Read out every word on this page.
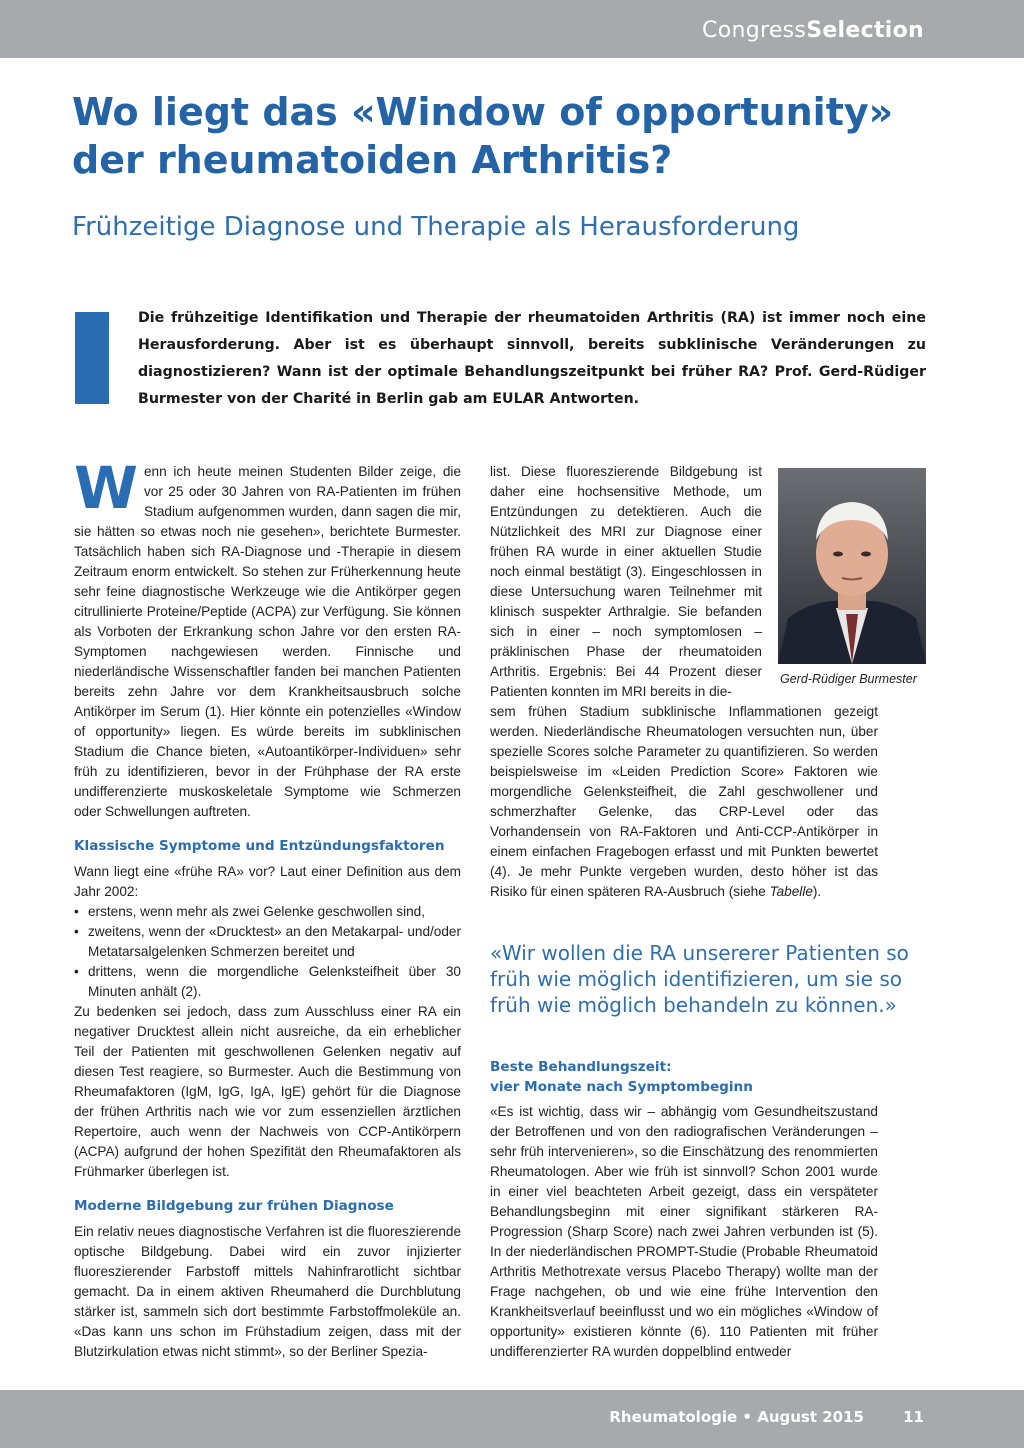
CongressSelection
Wo liegt das «Window of opportunity» der rheumatoiden Arthritis?
Frühzeitige Diagnose und Therapie als Herausforderung
Die frühzeitige Identifikation und Therapie der rheumatoiden Arthritis (RA) ist immer noch eine Herausforderung. Aber ist es überhaupt sinnvoll, bereits subklinische Veränderungen zu diagnostizieren? Wann ist der optimale Behandlungszeitpunkt bei früher RA? Prof. Gerd-Rüdiger Burmester von der Charité in Berlin gab am EULAR Antworten.

Wenn ich heute meinen Studenten Bilder zeige, die vor 25 oder 30 Jahren von RA-Patienten im frühen Stadium aufgenommen wurden, dann sagen die mir, sie hätten so etwas noch nie gesehen», berichtete Burmester. Tatsächlich haben sich RA-Diagnose und -Therapie in diesem Zeitraum enorm entwickelt. So stehen zur Früherkennung heute sehr feine diagnostische Werkzeuge wie die Antikörper gegen citrullinierte Proteine/Peptide (ACPA) zur Verfügung. Sie können als Vorboten der Erkrankung schon Jahre vor den ersten RA-Symptomen nachgewiesen werden. Finnische und niederländische Wissenschaftler fanden bei manchen Patienten bereits zehn Jahre vor dem Krankheitsausbruch solche Antikörper im Serum (1). Hier könnte ein potenzielles «Window of opportunity» liegen. Es würde bereits im subklinischen Stadium die Chance bieten, «Autoantikörper-Individuen» sehr früh zu identifizieren, bevor in der Frühphase der RA erste undifferenzierte muskoskeletale Symptome wie Schmerzen oder Schwellungen auftreten.

Klassische Symptome und Entzündungsfaktoren

Wann liegt eine «frühe RA» vor? Laut einer Definition aus dem Jahr 2002:

• erstens, wenn mehr als zwei Gelenke geschwollen sind,
• zweitens, wenn der «Drucktest» an den Metakarpal- und/oder Metatarsalgelenken Schmerzen bereitet und
• drittens, wenn die morgendliche Gelenksteifheit über 30 Minuten anhält (2).

Zu bedenken sei jedoch, dass zum Ausschluss einer RA ein negativer Drucktest allein nicht ausreiche, da ein erheblicher Teil der Patienten mit geschwollenen Gelenken negativ auf diesen Test reagiere, so Burmester. Auch die Bestimmung von Rheumafaktoren (IgM, IgG, IgA, IgE) gehört für die Diagnose der frühen Arthritis nach wie vor zum essenziellen ärztlichen Repertoire, auch wenn der Nachweis von CCP-Antikörpern (ACPA) aufgrund der hohen Spezifität den Rheumafaktoren als Frühmarker überlegen ist.

Moderne Bildgebung zur frühen Diagnose

Ein relativ neues diagnostische Verfahren ist die fluoreszierende optische Bildgebung. Dabei wird ein zuvor injizierter fluoreszierender Farbstoff mittels Nahinfrarotlicht sichtbar gemacht. Da in einem aktiven Rheumaherd die Durchblutung stärker ist, sammeln sich dort bestimmte Farbstoffmoleküle an. «Das kann uns schon im Frühstadium zeigen, dass mit der Blutzirkulation etwas nicht stimmt», so der Berliner Spezia-

list. Diese fluoreszierende Bildgebung ist daher eine hochsensitive Methode, um Entzündungen zu detektieren. Auch die Nützlichkeit des MRI zur Diagnose einer frühen RA wurde in einer aktuellen Studie noch einmal bestätigt (3). Eingeschlossen in diese Untersuchung waren Teilnehmer mit klinisch suspekter Arthralgie. Sie befanden sich in einer – noch symptomlosen – präklinischen Phase der rheumatoiden Arthritis. Ergebnis: Bei 44 Prozent dieser Patienten konnten im MRI bereits in die-

Gerd-Rüdiger Burmester

sem frühen Stadium subklinische Inflammationen gezeigt werden. Niederländische Rheumatologen versuchten nun, über spezielle Scores solche Parameter zu quantifizieren. So werden beispielsweise im «Leiden Prediction Score» Faktoren wie morgendliche Gelenksteifheit, die Zahl geschwollener und schmerzhafter Gelenke, das CRP-Level oder das Vorhandensein von RA-Faktoren und Anti-CCP-Antikörper in einem einfachen Fragebogen erfasst und mit Punkten bewertet (4). Je mehr Punkte vergeben wurden, desto höher ist das Risiko für einen späteren RA-Ausbruch (siehe Tabelle).

«Wir wollen die RA unsererer Patienten so früh wie möglich identifizieren, um sie so früh wie möglich behandeln zu können.»
Beste Behandlungszeit:
vier Monate nach Symptombeginn

«Es ist wichtig, dass wir – abhängig vom Gesundheitszustand der Betroffenen und von den radiografischen Veränderungen – sehr früh intervenieren», so die Einschätzung des renommierten Rheumatologen. Aber wie früh ist sinnvoll? Schon 2001 wurde in einer viel beachteten Arbeit gezeigt, dass ein verspäteter Behandlungsbeginn mit einer signifikant stärkeren RA-Progression (Sharp Score) nach zwei Jahren verbunden ist (5). In der niederländischen PROMPT-Studie (Probable Rheumatoid Arthritis Methotrexate versus Placebo Therapy) wollte man der Frage nachgehen, ob und wie eine frühe Intervention den Krankheitsverlauf beeinflusst und wo ein mögliches «Window of opportunity» existieren könnte (6). 110 Patienten mit früher undifferenzierter RA wurden doppelblind entweder

Rheumatologie • August 2015	11
